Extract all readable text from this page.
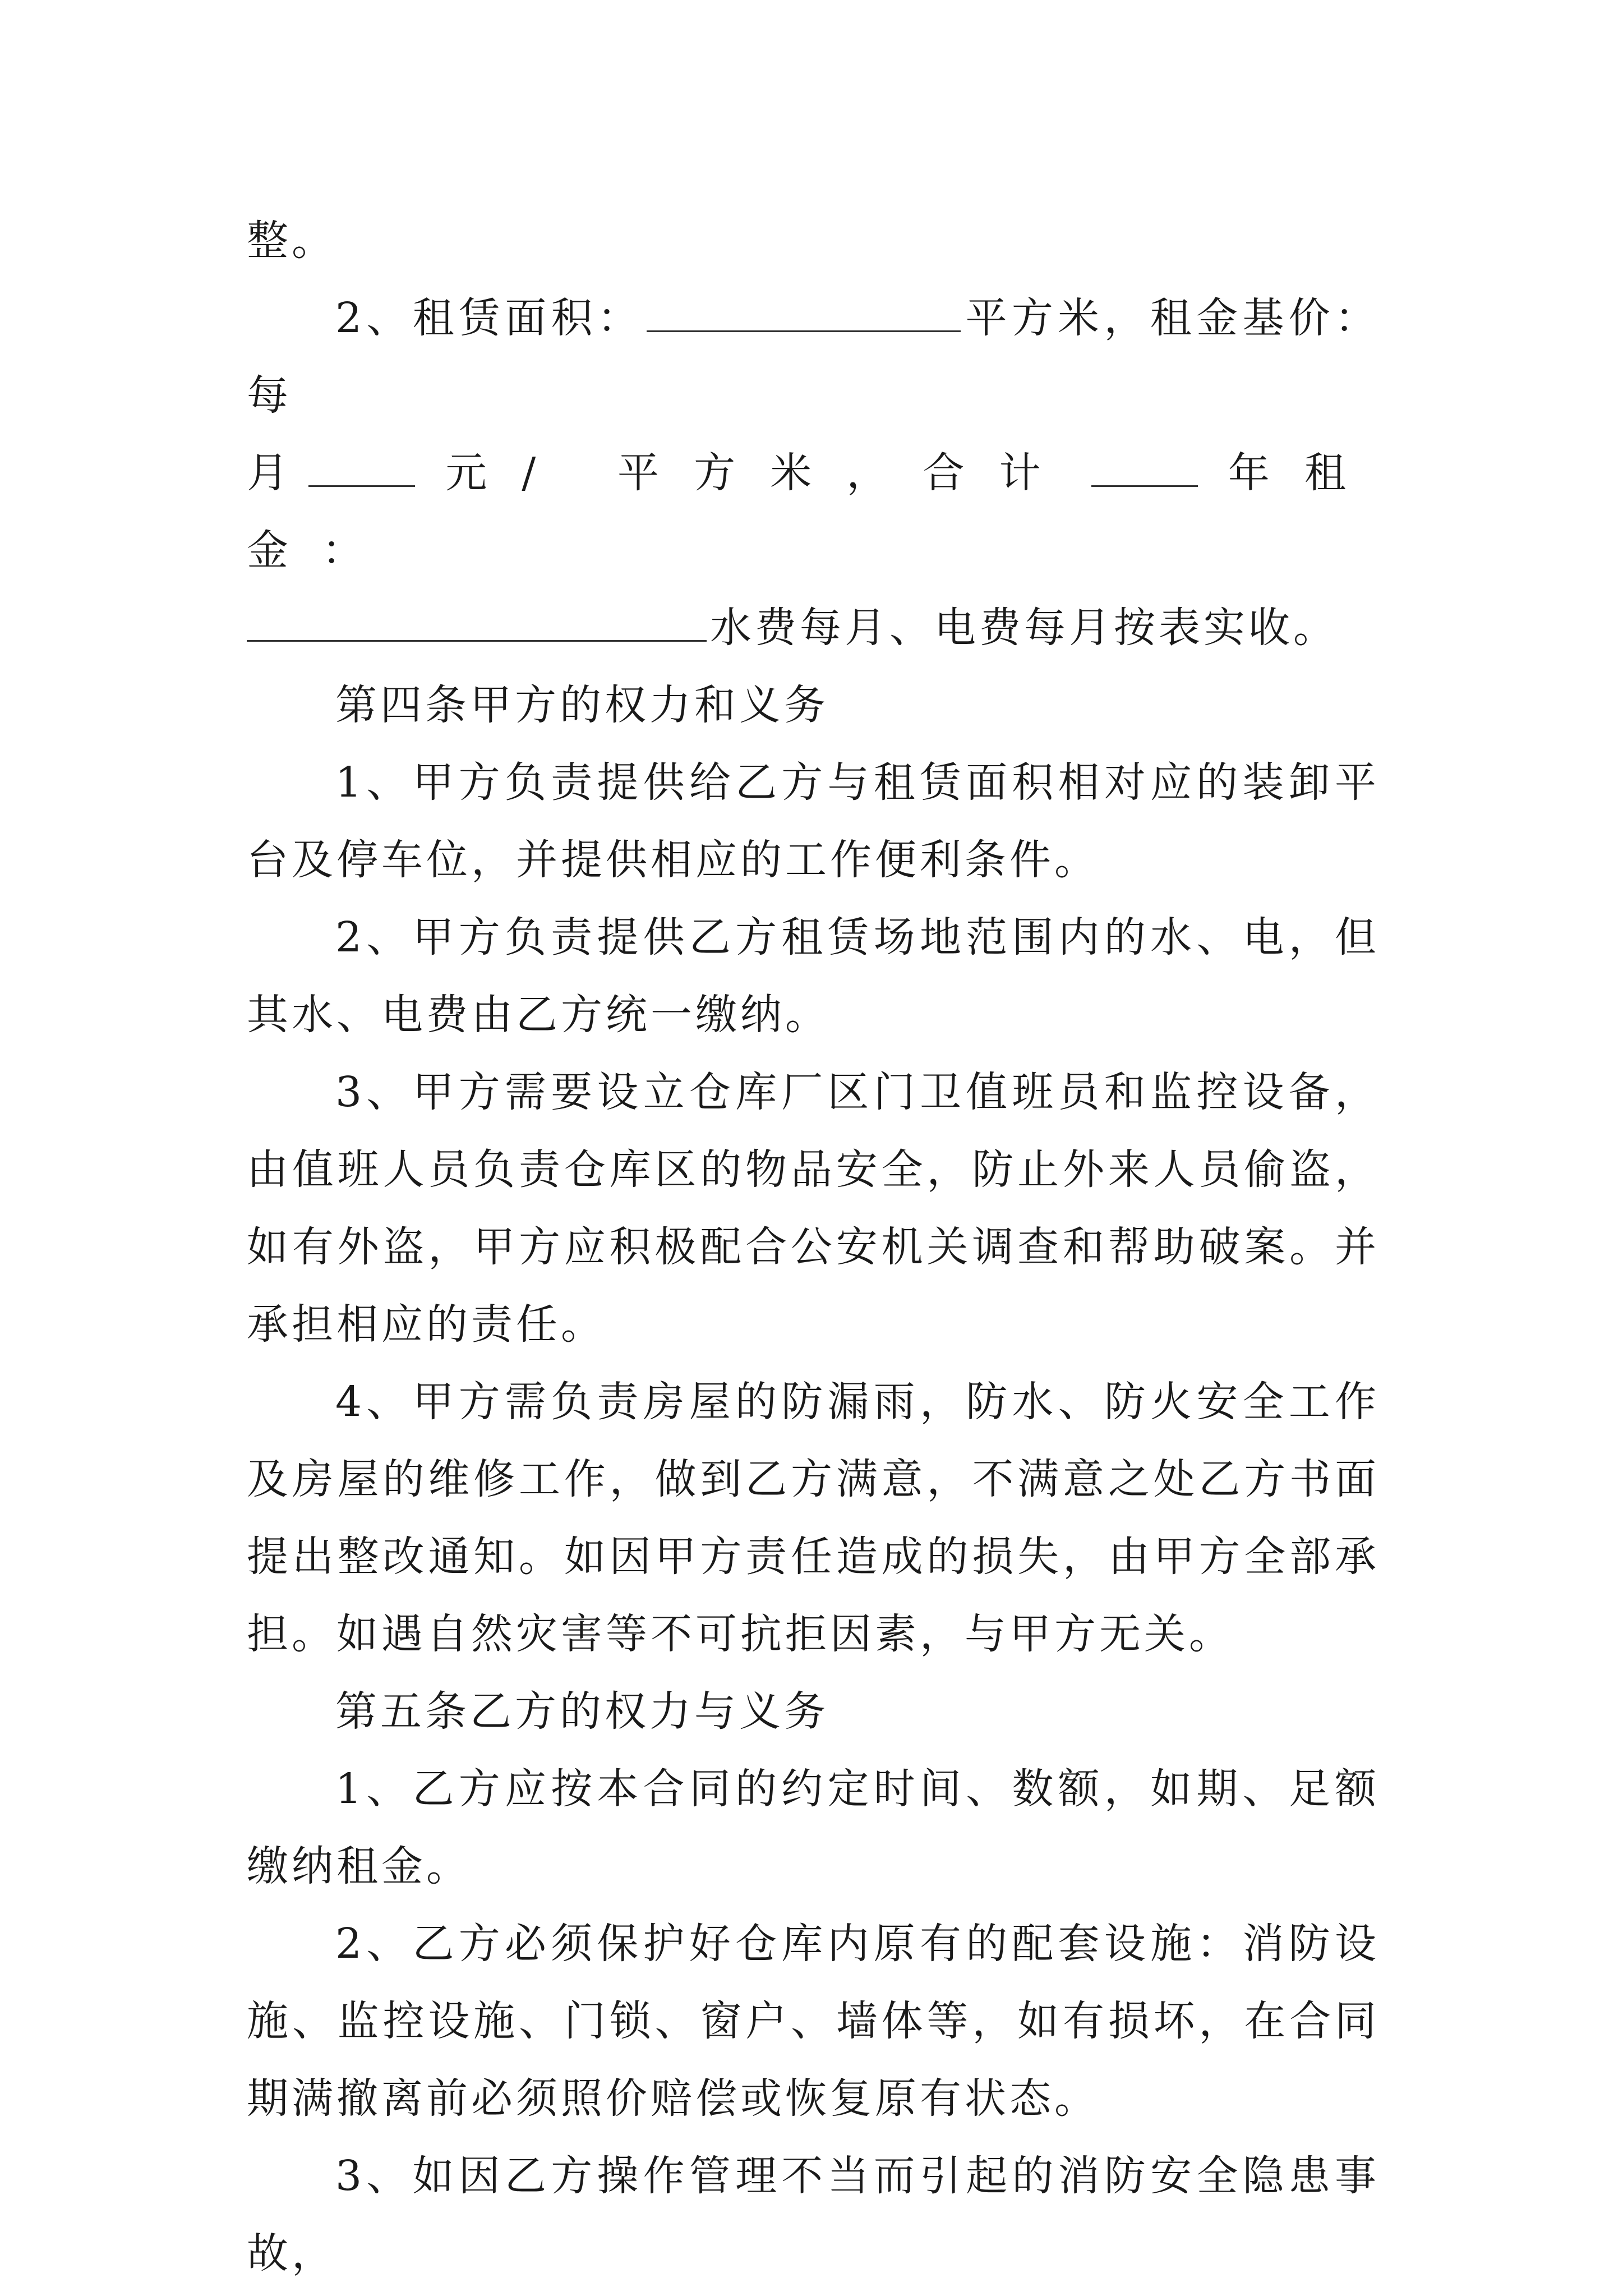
整。

2、租赁面积：	平方米，租金基价：每

月	元/ 平方米，合计	年租金：
水费每月、电费每月按表实收。

第四条甲方的权力和义务

1、甲方负责提供给乙方与租赁面积相对应的装卸平台及停车位，并提供相应的工作便利条件。

2、甲方负责提供乙方租赁场地范围内的水、电，但其水、电费由乙方统一缴纳。

3、甲方需要设立仓库厂区门卫值班员和监控设备，由值班人员负责仓库区的物品安全，防止外来人员偷盗，如有外盗，甲方应积极配合公安机关调查和帮助破案。并承担相应的责任。

4、甲方需负责房屋的防漏雨，防水、防火安全工作及房屋的维修工作，做到乙方满意，不满意之处乙方书面提出整改通知。如因甲方责任造成的损失，由甲方全部承担。如遇自然灾害等不可抗拒因素，与甲方无关。

第五条乙方的权力与义务

1、乙方应按本合同的约定时间、数额，如期、足额缴纳租金。

2、乙方必须保护好仓库内原有的配套设施：消防设施、监控设施、门锁、窗户、墙体等，如有损坏，在合同期满撤离前必须照价赔偿或恢复原有状态。

3、如因乙方操作管理不当而引起的消防安全隐患事故，
